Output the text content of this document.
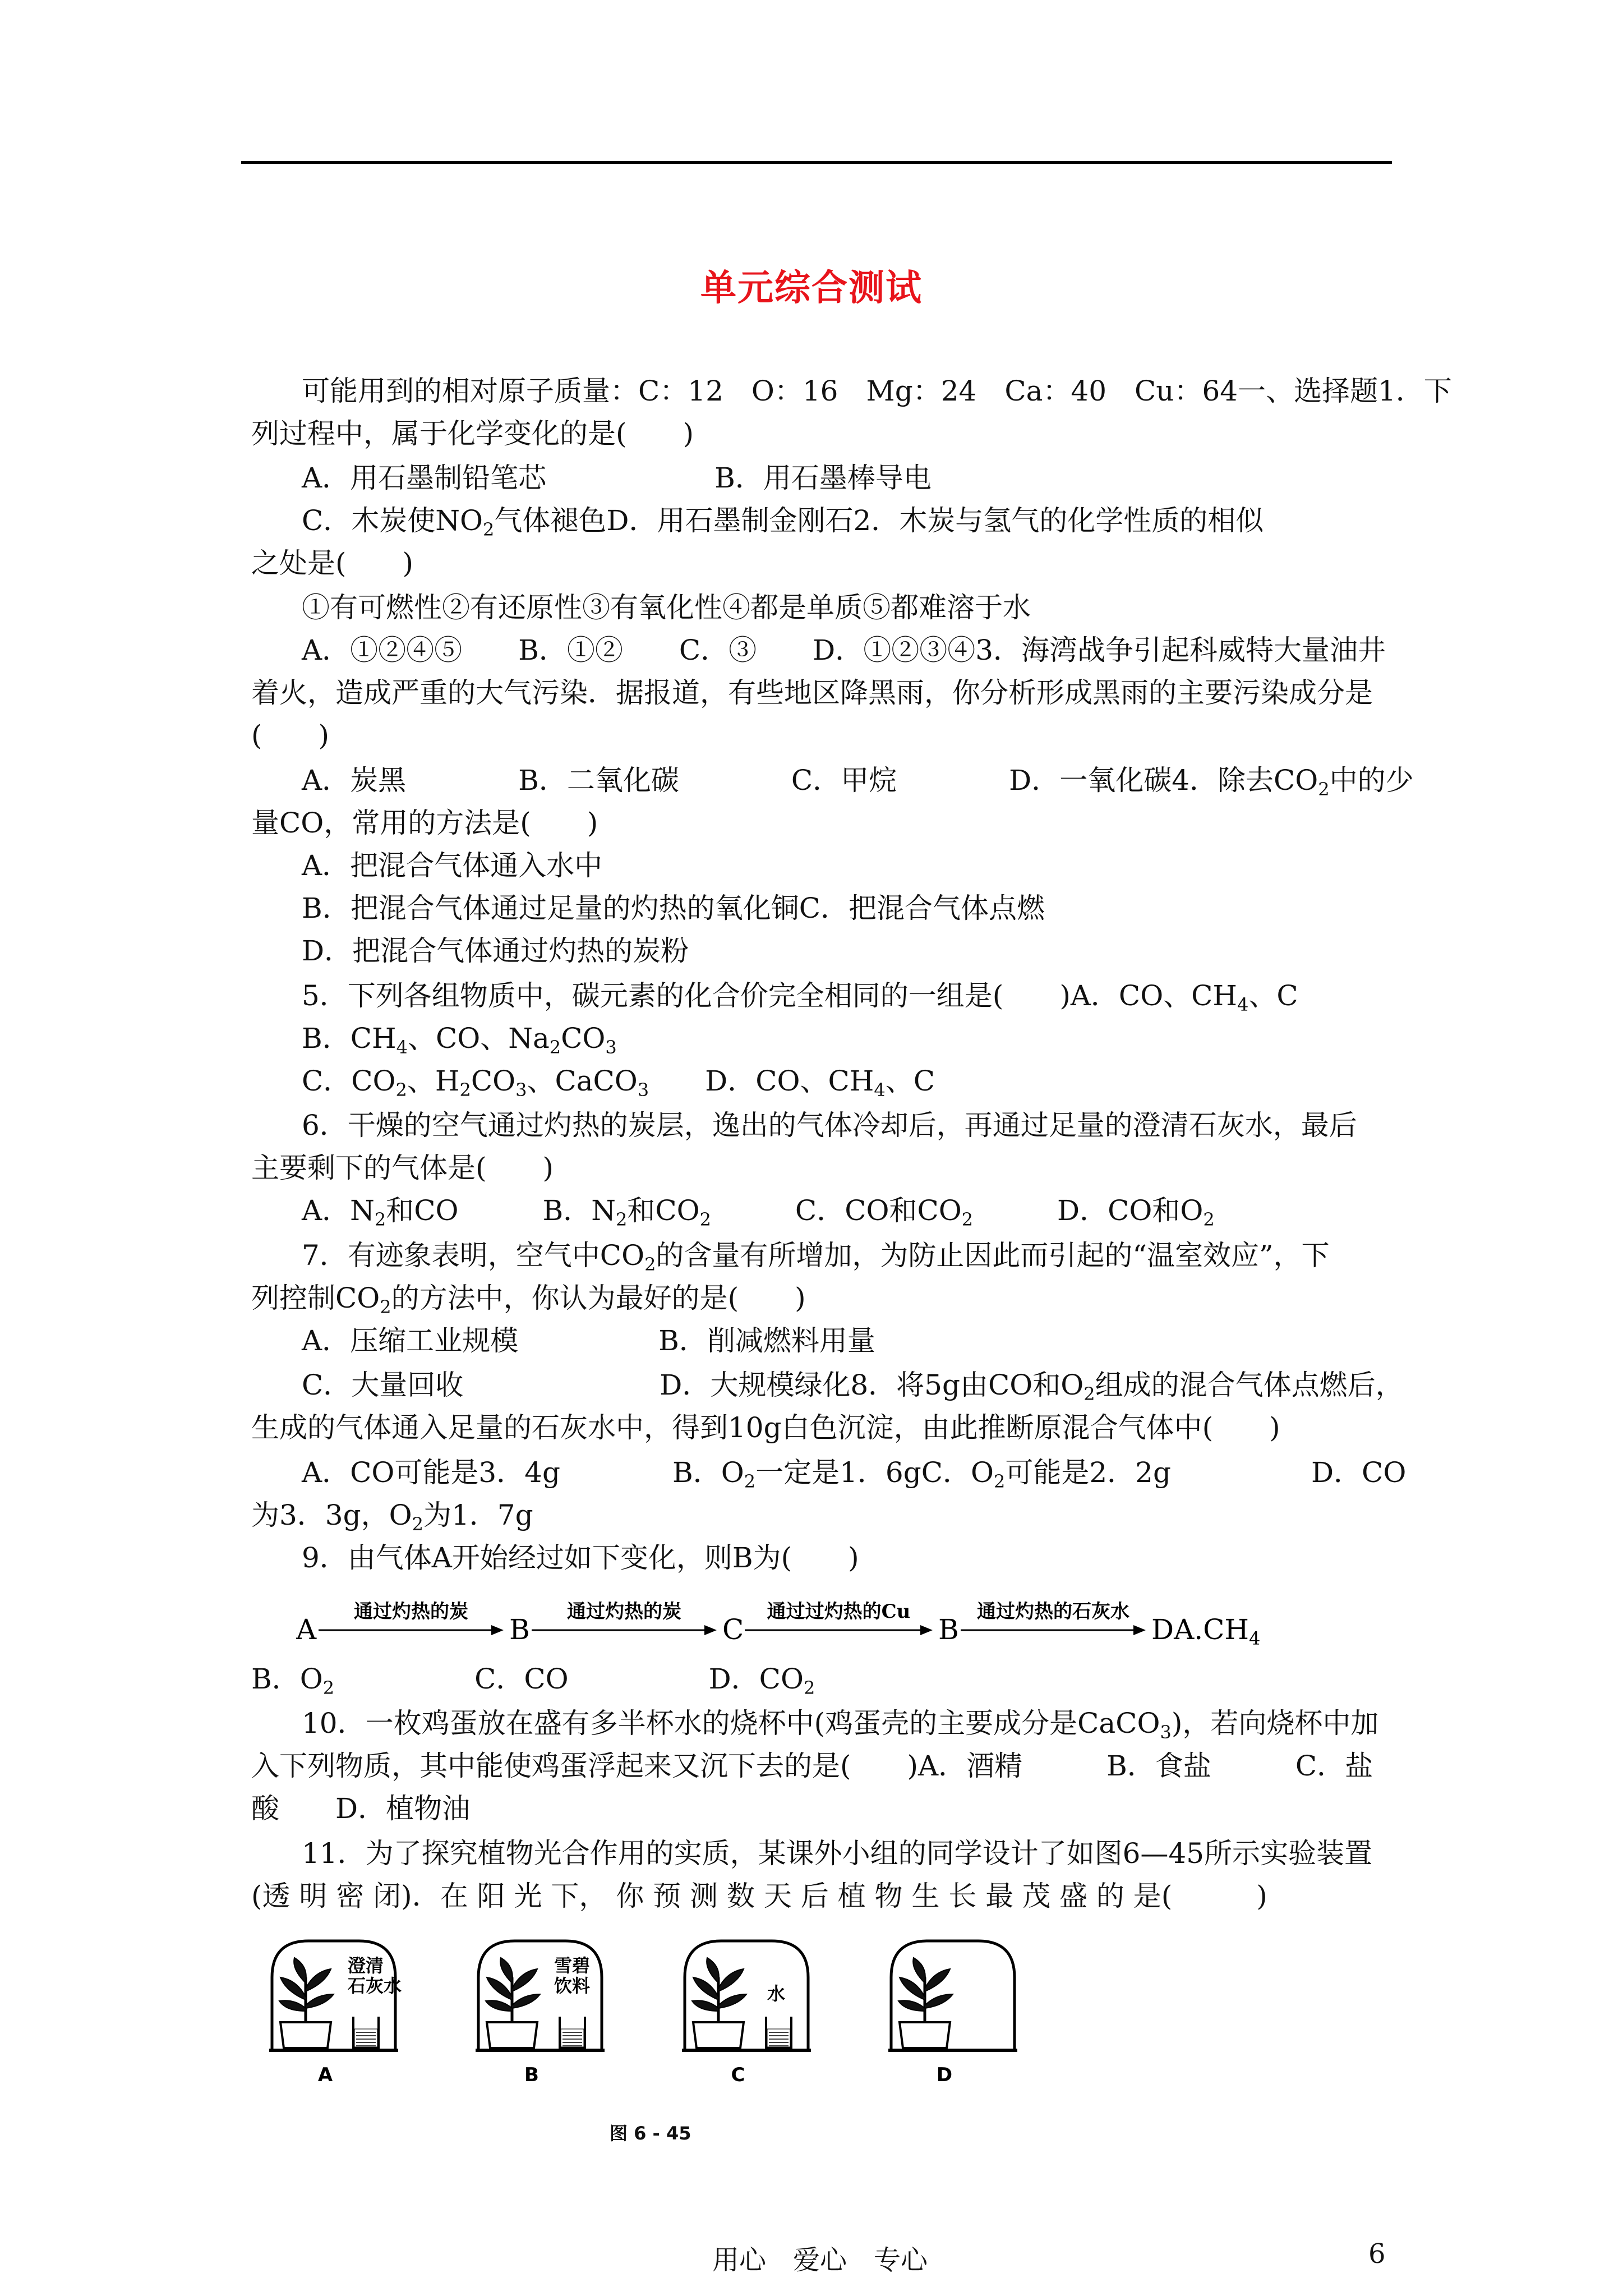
单元综合测试
可能用到的相对原子质量：C：12　O：16　Mg：24　Ca：40　Cu：64一、选择题1．下
列过程中，属于化学变化的是(　　)
A．用石墨制铅笔芯　　　　　　B．用石墨棒导电
C．木炭使$NO_2$气体褪色D．用石墨制金刚石2．木炭与氢气的化学性质的相似
之处是(　　)
①有可燃性②有还原性③有氧化性④都是单质⑤都难溶于水
A．①②④⑤　　B．①②　　C．③　　D．①②③④3．海湾战争引起科威特大量油井
着火，造成严重的大气污染．据报道，有些地区降黑雨，你分析形成黑雨的主要污染成分是
(　　)
A．炭黑　　　　B．二氧化碳　　　　C．甲烷　　　　D．一氧化碳4．除去$CO_2$中的少
量CO，常用的方法是(　　)
A．把混合气体通入水中
B．把混合气体通过足量的灼热的氧化铜C．把混合气体点燃
D．把混合气体通过灼热的炭粉
5．下列各组物质中，碳元素的化合价完全相同的一组是(　　)A．CO、$CH_4$、C
B．$CH_4$、CO、$Na_2CO_3$
C．$CO_2$、$H_2CO_3$、CaCO$_3$　　D．CO、$CH_4$、C
6．干燥的空气通过灼热的炭层，逸出的气体冷却后，再通过足量的澄清石灰水，最后
主要剩下的气体是(　　)
A．$N_2$和CO　　　B．$N_2$和$CO_2$　　　C．CO和$CO_2$　　　D．CO和$O_2$
7．有迹象表明，空气中$CO_2$的含量有所增加，为防止因此而引起的“温室效应”，下
列控制$CO_2$的方法中，你认为最好的是(　　)
A．压缩工业规模　　　　　B．削减燃料用量
C．大量回收　　　　　　　D．大规模绿化8．将5g由CO和$O_2$组成的混合气体点燃后，
生成的气体通入足量的石灰水中，得到10g白色沉淀，由此推断原混合气体中(　　)
A．CO可能是3．4g　　　　B．$O_2$一定是1．6gC．$O_2$可能是2．2g　　　　　D．CO
为3．3g，$O_2$为1．7g
9．由气体A开始经过如下变化，则B为(　　)
B．$O_2$　　　　　C．CO　　　　　D．$CO_2$
10．一枚鸡蛋放在盛有多半杯水的烧杯中(鸡蛋壳的主要成分是CaCO$_3$)，若向烧杯中加
入下列物质，其中能使鸡蛋浮起来又沉下去的是(　　)A．酒精　　　B．食盐　　　C．盐
酸　　D．植物油
11．为了探究植物光合作用的实质，某课外小组的同学设计了如图6—45所示实验装置
(透 明 密 闭)．在 阳 光 下， 你 预 测 数 天 后 植 物 生 长 最 茂 盛 的 是(　　　)
A	B	C	B	$DA.CH_4$
通过灼热的炭	通过灼热的炭	通过过灼热的Cu	通过灼热的石灰水
澄清
石灰水
A
雪碧
饮料
B
水
C	D
图 6 - 45
用心　爱心　专心	6
